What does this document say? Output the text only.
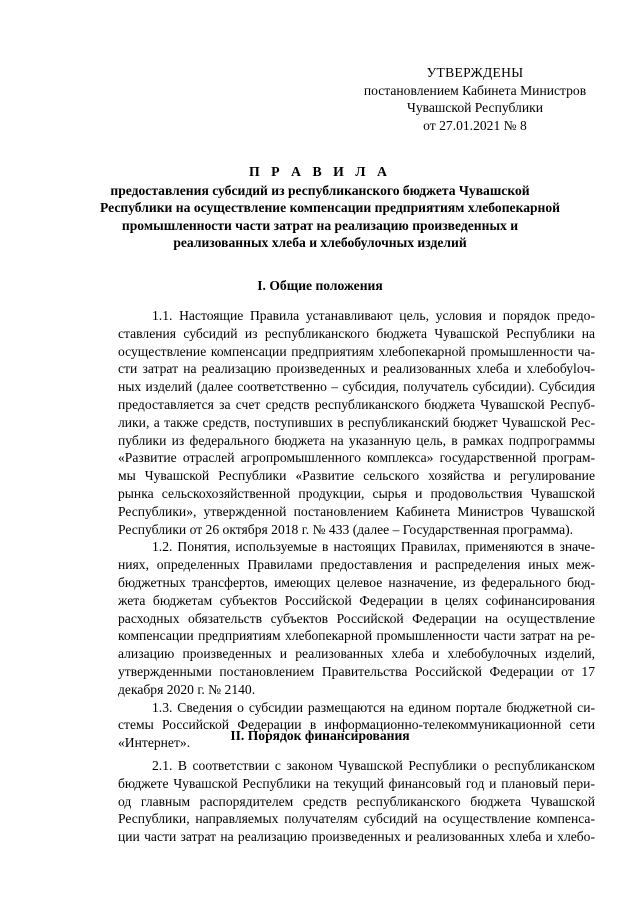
УТВЕРЖДЕНЫ
постановлением Кабинета Министров
Чувашской Республики
от 27.01.2021 № 8
П Р А В И Л А
предоставления субсидий из республиканского бюджета Чувашской
Республики на осуществление компенсации предприятиям хлебопекарной
промышленности части затрат на реализацию произведенных и
реализованных хлеба и хлебобулочных изделий
I. Общие положения
1.1. Настоящие Правила устанавливают цель, условия и порядок предо-
ставления субсидий из республиканского бюджета Чувашской Республики на
осуществление компенсации предприятиям хлебопекарной промышленности ча-
сти затрат на реализацию произведенных и реализованных хлеба и хлебобуloч-
ных изделий (далее соответственно – субсидия, получатель субсидии). Субсидия
предоставляется за счет средств республиканского бюджета Чувашской Респуб-
лики, а также средств, поступивших в республиканский бюджет Чувашской Рес-
публики из федерального бюджета на указанную цель, в рамках подпрограммы
«Развитие отраслей агропромышленного комплекса» государственной програм-
мы Чувашской Республики «Развитие сельского хозяйства и регулирование
рынка сельскохозяйственной продукции, сырья и продовольствия Чувашской
Республики», утвержденной постановлением Кабинета Министров Чувашской
Республики от 26 октября 2018 г. № 433 (далее – Государственная программа).
1.2. Понятия, используемые в настоящих Правилах, применяются в значе-
ниях, определенных Правилами предоставления и распределения иных меж-
бюджетных трансфертов, имеющих целевое назначение, из федерального бюд-
жета бюджетам субъектов Российской Федерации в целях софинансирования
расходных обязательств субъектов Российской Федерации на осуществление
компенсации предприятиям хлебопекарной промышленности части затрат на ре-
ализацию произведенных и реализованных хлеба и хлебобулочных изделий,
утвержденными постановлением Правительства Российской Федерации от 17
декабря 2020 г. № 2140.
1.3. Сведения о субсидии размещаются на едином портале бюджетной си-
стемы Российской Федерации в информационно-телекоммуникационной сети
«Интернет».	II. Порядок финансирования
2.1. В соответствии с законом Чувашской Республики о республиканском
бюджете Чувашской Республики на текущий финансовый год и плановый пери-
од главным распорядителем средств республиканского бюджета Чувашской
Республики, направляемых получателям субсидий на осуществление компенса-
ции части затрат на реализацию произведенных и реализованных хлеба и хлебо-
